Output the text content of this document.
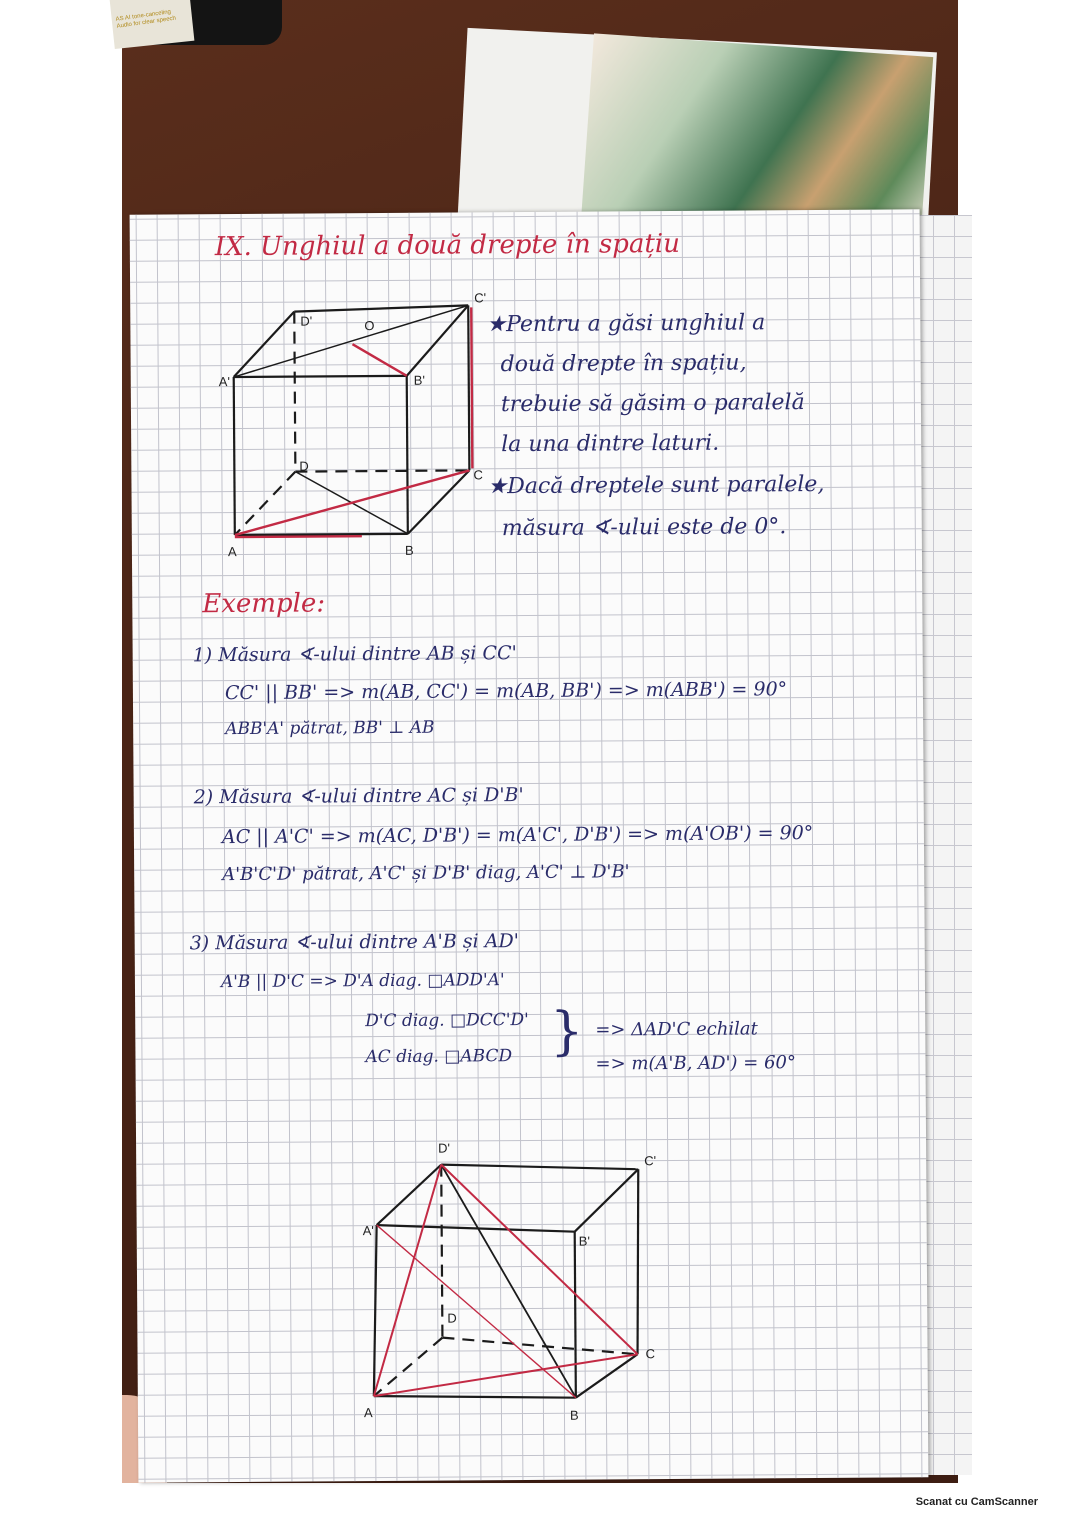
AS AI tone-canceling Audio for clear speech
IX. Unghiul a două drepte în spațiu
D'	O
C'
A'	B'
D
C
A	B
★Pentru a găsi unghiul a
două drepte în spațiu,
trebuie să găsim o paralelă
la una dintre laturi.
★Dacă dreptele sunt paralele,
măsura ∢-ului este de 0°.
Exemple:
1) Măsura ∢-ului dintre AB și CC'
CC' || BB' => m(AB, CC') = m(AB, BB') => m(ABB') = 90°
ABB'A' pătrat, BB' ⊥ AB
2) Măsura ∢-ului dintre AC și D'B'
AC || A'C' => m(AC, D'B') = m(A'C', D'B') => m(A'OB') = 90°
A'B'C'D' pătrat, A'C' și D'B' diag, A'C' ⊥ D'B'
3) Măsura ∢-ului dintre A'B și AD'
A'B || D'C => D'A diag. □ADD'A'
D'C diag. □DCC'D'
AC diag. □ABCD } => ΔAD'C echilat
=> m(A'B, AD') = 60°
D'
C'
A'
B'
D
C
A	B
Scanat cu CamScanner
